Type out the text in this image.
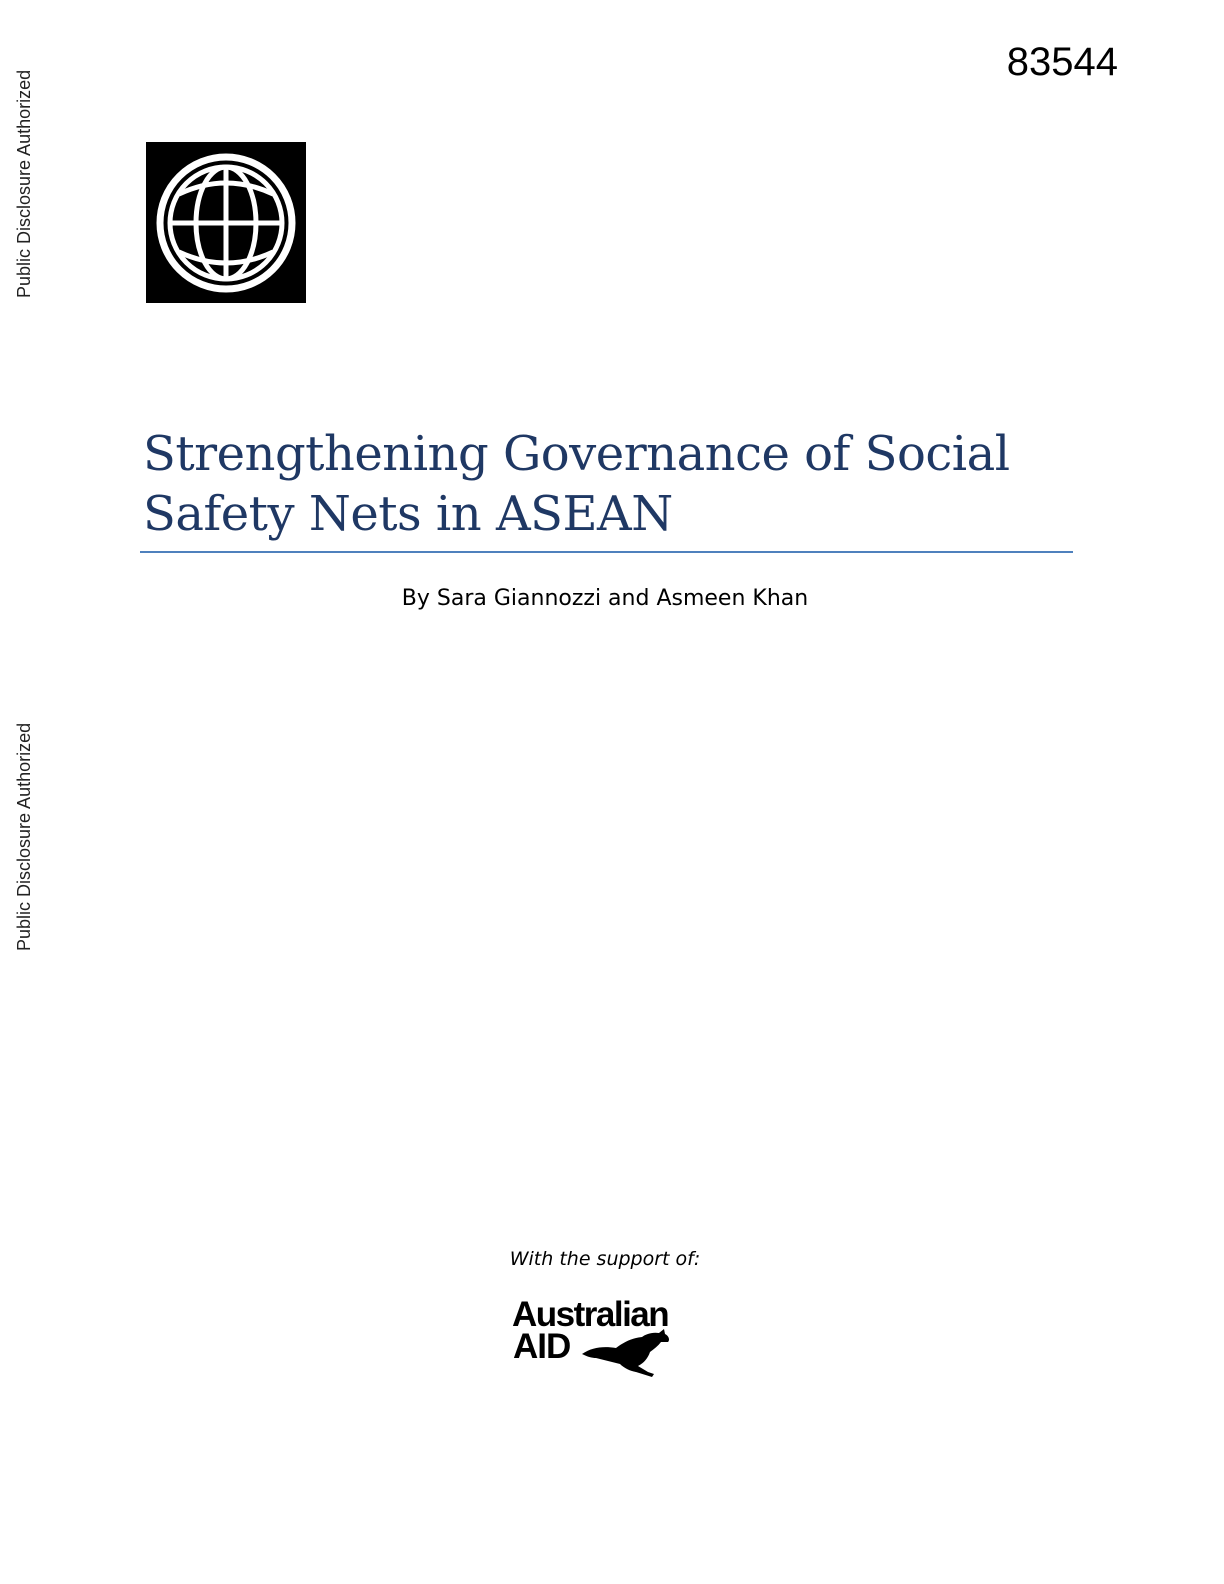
83544
Public Disclosure Authorized
Public Disclosure Authorized
Strengthening Governance of Social
Safety Nets in ASEAN
By Sara Giannozzi and Asmeen Khan
With the support of:
Australian
AID
